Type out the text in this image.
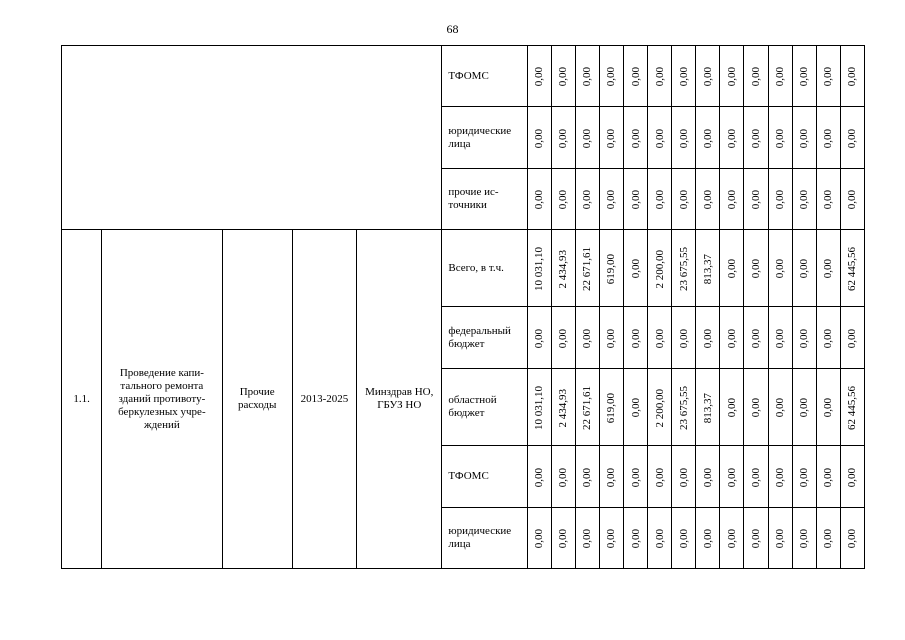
68
					ТФОМС	0,00	0,00	0,00	0,00	0,00	0,00	0,00	0,00	0,00	0,00	0,00	0,00	0,00	0,00
					юридические лица	0,00	0,00	0,00	0,00	0,00	0,00	0,00	0,00	0,00	0,00	0,00	0,00	0,00	0,00
					прочие ис-точники	0,00	0,00	0,00	0,00	0,00	0,00	0,00	0,00	0,00	0,00	0,00	0,00	0,00	0,00
1.1.	Проведение капи-тального ремонта зданий противоту-беркулезных учре-ждений	Прочие расходы	2013-2025	Минздрав НО, ГБУЗ НО	Всего, в т.ч.	10 031,10	2 434,93	22 671,61	619,00	0,00	2 200,00	23 675,55	813,37	0,00	0,00	0,00	0,00	0,00	62 445,56
					федеральный бюджет	0,00	0,00	0,00	0,00	0,00	0,00	0,00	0,00	0,00	0,00	0,00	0,00	0,00	0,00
					областной бюджет	10 031,10	2 434,93	22 671,61	619,00	0,00	2 200,00	23 675,55	813,37	0,00	0,00	0,00	0,00	0,00	62 445,56
					ТФОМС	0,00	0,00	0,00	0,00	0,00	0,00	0,00	0,00	0,00	0,00	0,00	0,00	0,00	0,00
					юридические лица	0,00	0,00	0,00	0,00	0,00	0,00	0,00	0,00	0,00	0,00	0,00	0,00	0,00	0,00
